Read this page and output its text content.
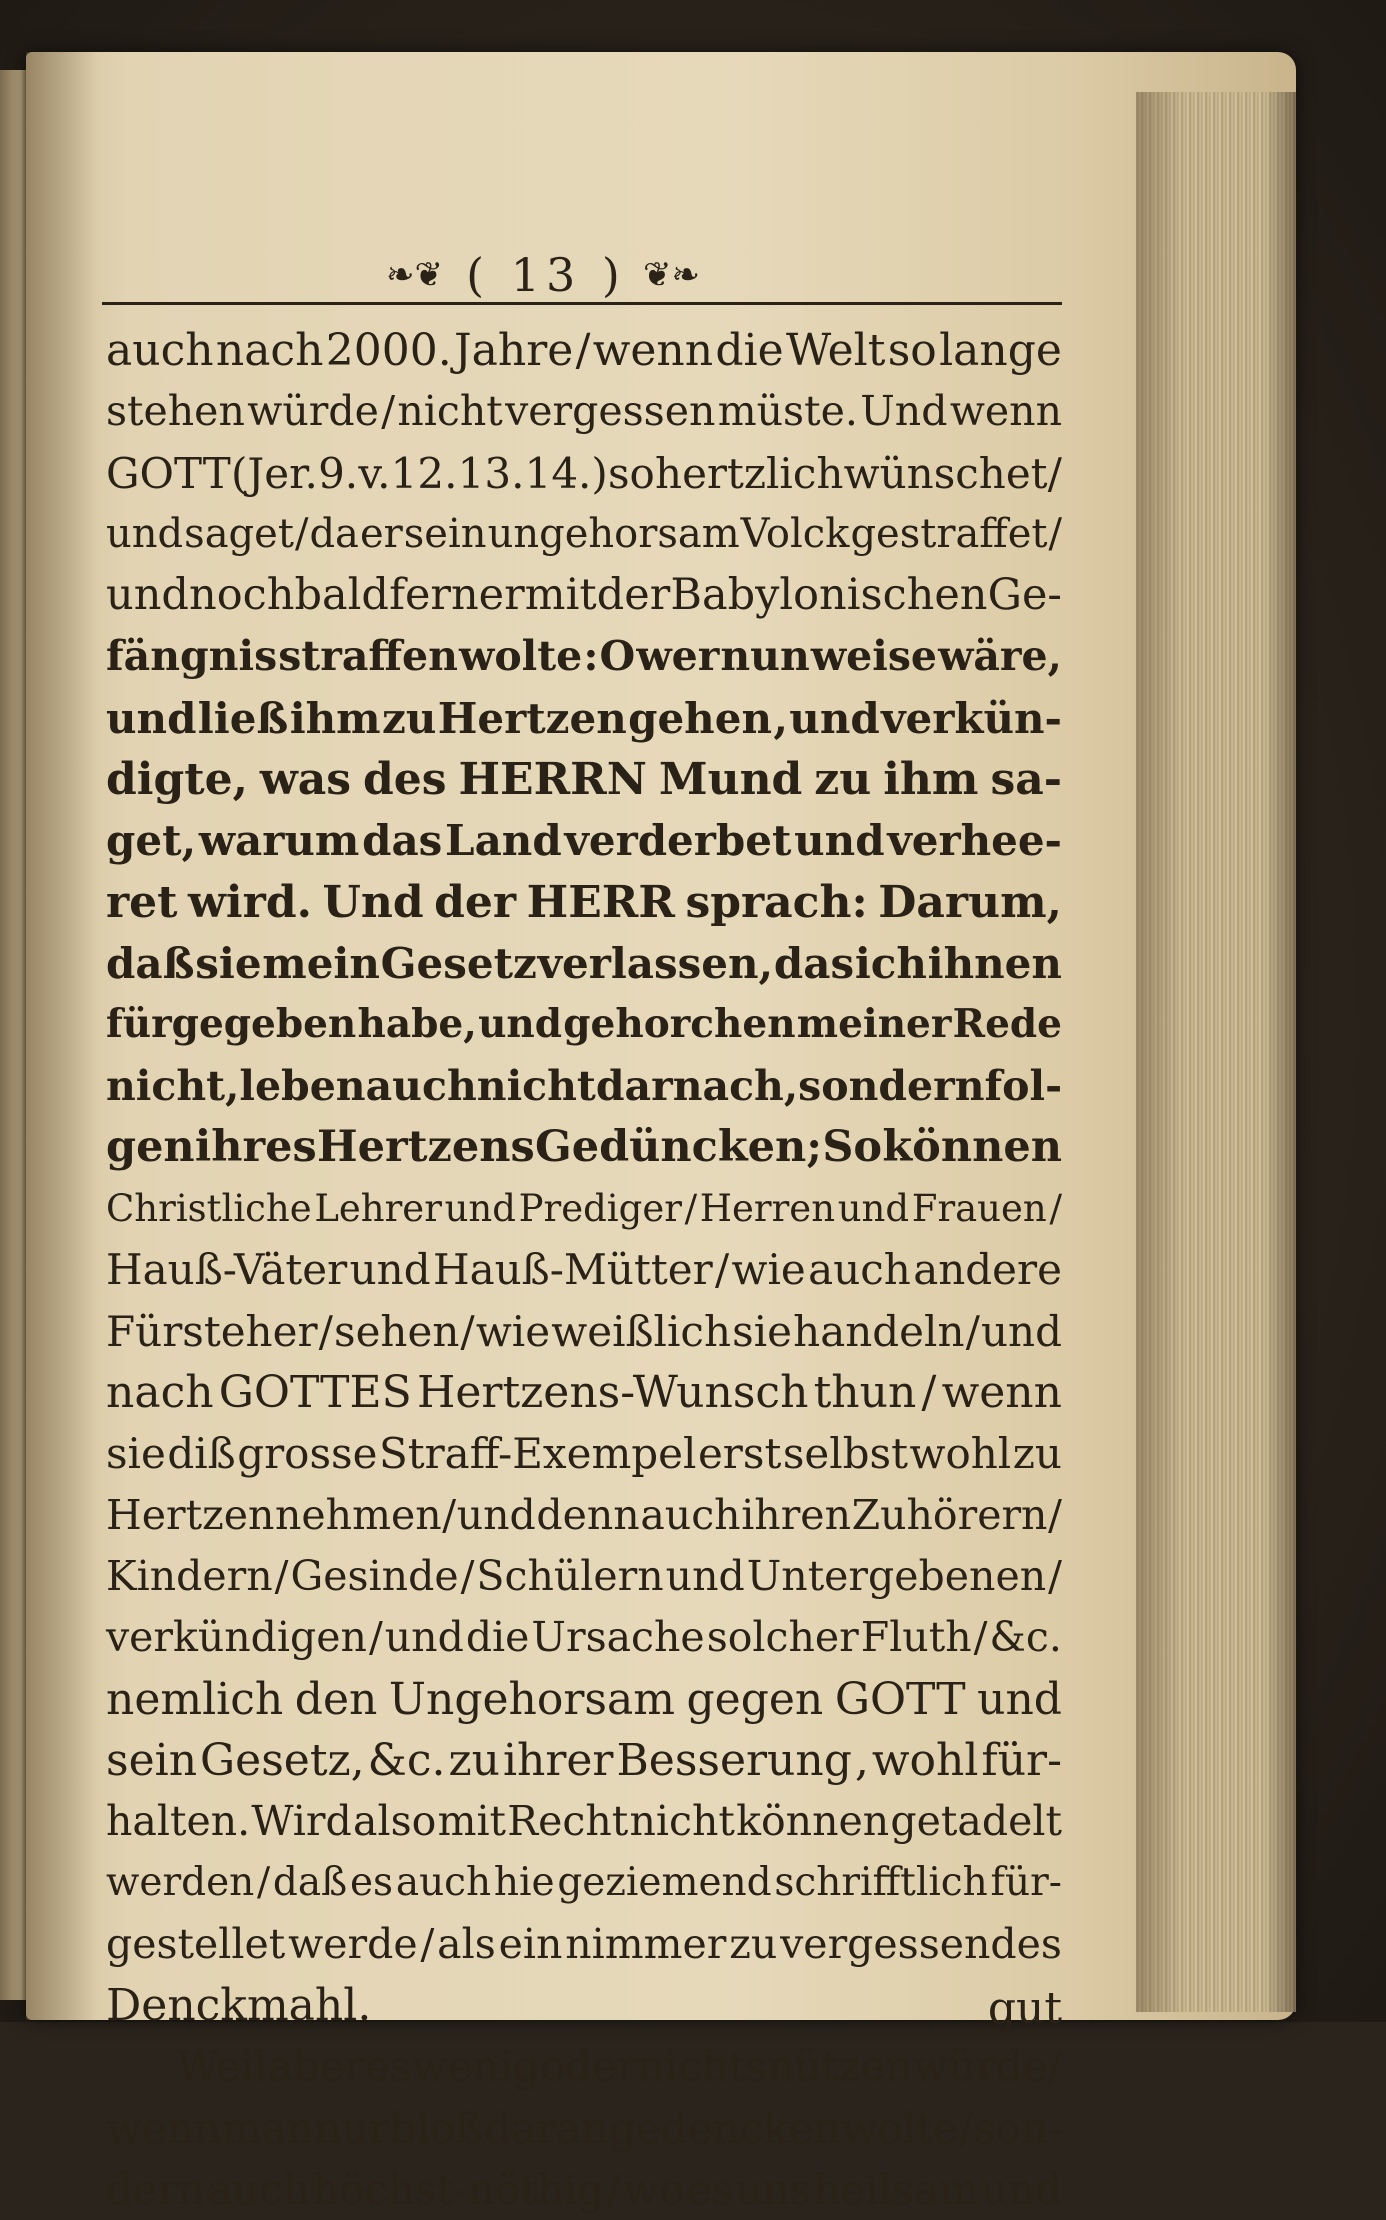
❧❦ ( 13 ) ❦❧
auch nach 2000. Jahre / wenn die Welt so lange
stehen würde / nicht vergessen müste. Und wenn
GOTT (Jer. 9. v. 12. 13. 14.) so hertzlich wünschet /
und saget / da er sein ungehorsam Volck gestraffet /
und noch bald ferner mit der Babylonischen Ge-
fängnis straffen wolte : O wer nun weise wäre,
und ließ ihm zu Hertzen gehen , und verkün-
digte, was des HERRN Mund zu ihm sa-
get, warum das Land verderbet und verhee-
ret wird. Und der HERR sprach: Darum,
daß sie mein Gesetz verlassen, das ich ihnen
fürgegeben habe, und gehorchen meiner Rede
nicht, leben auch nicht darnach, sondern fol-
gen ihres Hertzens Gedüncken; So können
Christliche Lehrer und Prediger / Herren und Frauen /
Hauß-Väter und Hauß-Mütter / wie auch andere
Fürsteher / sehen / wie weißlich sie handeln / und
nach GOTTES Hertzens-Wunsch thun / wenn
sie diß grosse Straff-Exempel erst selbst wohl zu
Hertzen nehmen / und denn auch ihren Zuhörern /
Kindern / Gesinde / Schülern und Untergebenen /
verkündigen / und die Ursache solcher Fluth / &c.
nemlich den Ungehorsam gegen GOTT und
sein Gesetz, &c. zu ihrer Besserung , wohl für-
halten. Wird also mit Recht nicht können getadelt
werden / daß es auch hie geziemend schrifftlich für-
gestellet werde / als ein nimmer zu vergessendes
Denckmahl.
Weil aber es wenig oder nichts nützen würde /
wenn man nur bloß daran gedencken wolte / son-
dern auch höchst-nöthig / wo es uns heilsam und
gut
